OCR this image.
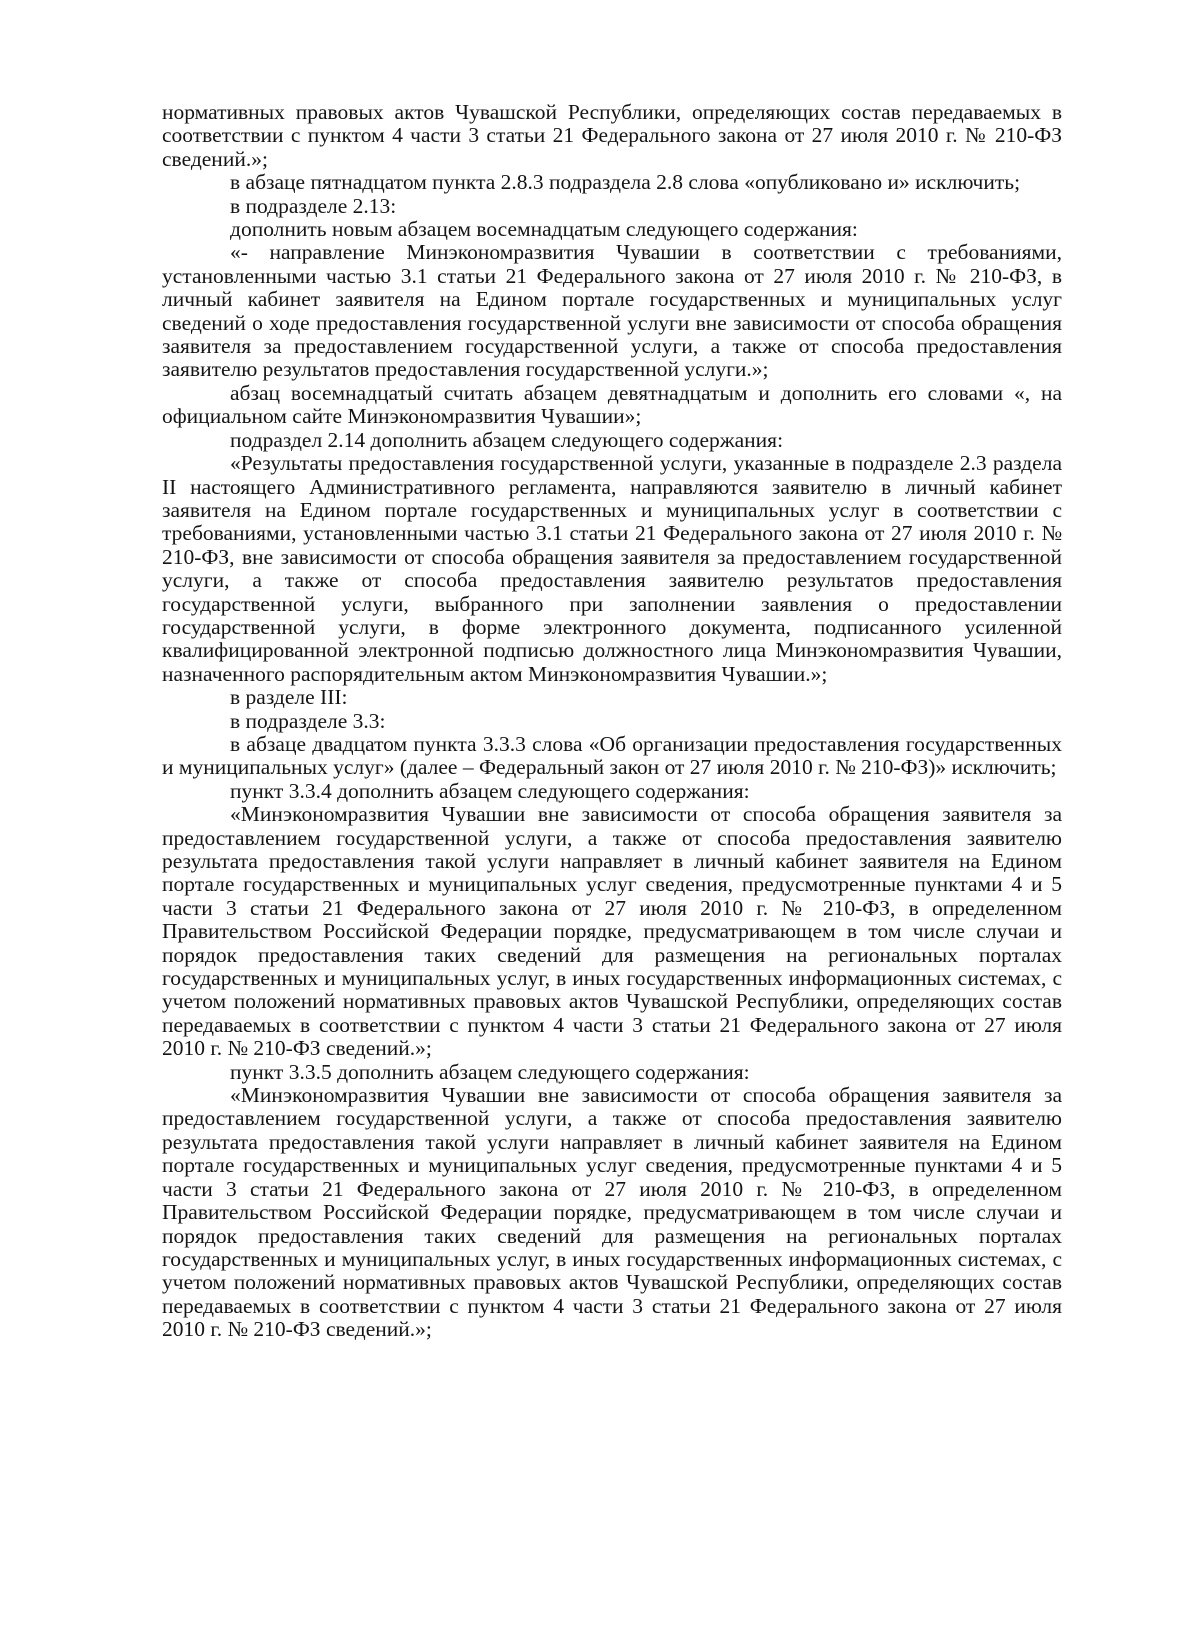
нормативных правовых актов Чувашской Республики, определяющих состав передаваемых в соответствии с пунктом 4 части 3 статьи 21 Федерального закона от 27 июля 2010 г. № 210-ФЗ сведений.»;

в абзаце пятнадцатом пункта 2.8.3 подраздела 2.8 слова «опубликовано и» исключить;

в подразделе 2.13:

дополнить новым абзацем восемнадцатым следующего содержания:

«- направление Минэкономразвития Чувашии в соответствии с требованиями, установленными частью 3.1 статьи 21 Федерального закона от 27 июля 2010 г. № 210-ФЗ, в личный кабинет заявителя на Едином портале государственных и муниципальных услуг сведений о ходе предоставления государственной услуги вне зависимости от способа обращения заявителя за предоставлением государственной услуги, а также от способа предоставления заявителю результатов предоставления государственной услуги.»;

абзац восемнадцатый считать абзацем девятнадцатым и дополнить его словами «, на официальном сайте Минэкономразвития Чувашии»;

подраздел 2.14 дополнить абзацем следующего содержания:

«Результаты предоставления государственной услуги, указанные в подразделе 2.3 раздела II настоящего Административного регламента, направляются заявителю в личный кабинет заявителя на Едином портале государственных и муниципальных услуг в соответствии с требованиями, установленными частью 3.1 статьи 21 Федерального закона от 27 июля 2010 г. № 210-ФЗ, вне зависимости от способа обращения заявителя за предоставлением государственной услуги, а также от способа предоставления заявителю результатов предоставления государственной услуги, выбранного при заполнении заявления о предоставлении государственной услуги, в форме электронного документа, подписанного усиленной квалифицированной электронной подписью должностного лица Минэкономразвития Чувашии, назначенного распорядительным актом Минэкономразвития Чувашии.»;

в разделе III:

в подразделе 3.3:

в абзаце двадцатом пункта 3.3.3 слова «Об организации предоставления государственных и муниципальных услуг» (далее – Федеральный закон от 27 июля 2010 г. № 210-ФЗ)» исключить;

пункт 3.3.4 дополнить абзацем следующего содержания:

«Минэкономразвития Чувашии вне зависимости от способа обращения заявителя за предоставлением государственной услуги, а также от способа предоставления заявителю результата предоставления такой услуги направляет в личный кабинет заявителя на Едином портале государственных и муниципальных услуг сведения, предусмотренные пунктами 4 и 5 части 3 статьи 21 Федерального закона от 27 июля 2010 г. № 210-ФЗ, в определенном Правительством Российской Федерации порядке, предусматривающем в том числе случаи и порядок предоставления таких сведений для размещения на региональных порталах государственных и муниципальных услуг, в иных государственных информационных системах, с учетом положений нормативных правовых актов Чувашской Республики, определяющих состав передаваемых в соответствии с пунктом 4 части 3 статьи 21 Федерального закона от 27 июля 2010 г. № 210-ФЗ сведений.»;

пункт 3.3.5 дополнить абзацем следующего содержания:

«Минэкономразвития Чувашии вне зависимости от способа обращения заявителя за предоставлением государственной услуги, а также от способа предоставления заявителю результата предоставления такой услуги направляет в личный кабинет заявителя на Едином портале государственных и муниципальных услуг сведения, предусмотренные пунктами 4 и 5 части 3 статьи 21 Федерального закона от 27 июля 2010 г. № 210-ФЗ, в определенном Правительством Российской Федерации порядке, предусматривающем в том числе случаи и порядок предоставления таких сведений для размещения на региональных порталах государственных и муниципальных услуг, в иных государственных информационных системах, с учетом положений нормативных правовых актов Чувашской Республики, определяющих состав передаваемых в соответствии с пунктом 4 части 3 статьи 21 Федерального закона от 27 июля 2010 г. № 210-ФЗ сведений.»;
